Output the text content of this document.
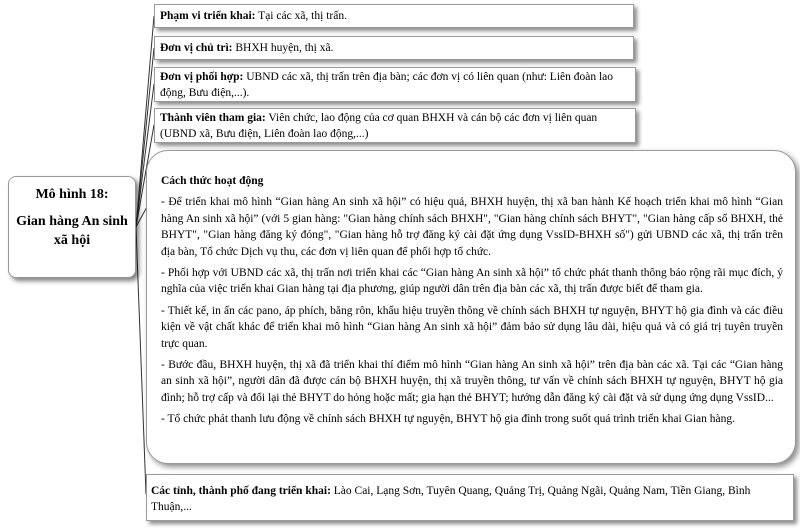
Mô hình 18:
Gian hàng An sinh xã hội
Phạm vi triển khai: Tại các xã, thị trấn.
Đơn vị chủ trì: BHXH huyện, thị xã.
Đơn vị phối hợp: UBND các xã, thị trấn trên địa bàn; các đơn vị có liên quan (như: Liên đoàn lao động, Bưu điện,...).
Thành viên tham gia: Viên chức, lao động của cơ quan BHXH và cán bộ các đơn vị liên quan (UBND xã, Bưu điện, Liên đoàn lao động,...)
Cách thức hoạt động

- Để triển khai mô hình “Gian hàng An sinh xã hội” có hiệu quả, BHXH huyện, thị xã ban hành Kế hoạch triển khai mô hình “Gian hàng An sinh xã hội” (với 5 gian hàng: "Gian hàng chính sách BHXH", "Gian hàng chính sách BHYT", "Gian hàng cấp sổ BHXH, thẻ BHYT", "Gian hàng đăng ký đóng", "Gian hàng hỗ trợ đăng ký cài đặt ứng dụng VssID-BHXH số") gửi UBND các xã, thị trấn trên địa bàn, Tổ chức Dịch vụ thu, các đơn vị liên quan để phối hợp tổ chức.

- Phối hợp với UBND các xã, thị trấn nơi triển khai các “Gian hàng An sinh xã hội” tổ chức phát thanh thông báo rộng rãi mục đích, ý nghĩa của việc triển khai Gian hàng tại địa phương, giúp người dân trên địa bàn các xã, thị trấn được biết để tham gia.

- Thiết kế, in ấn các pano, áp phích, băng rôn, khẩu hiệu truyền thông về chính sách BHXH tự nguyện, BHYT hộ gia đình và các điều kiện về vật chất khác để triển khai mô hình “Gian hàng An sinh xã hội” đảm bảo sử dụng lâu dài, hiệu quả và có giá trị tuyên truyền trực quan.

- Bước đầu, BHXH huyện, thị xã đã triển khai thí điểm mô hình “Gian hàng An sinh xã hội” trên địa bàn các xã. Tại các “Gian hàng an sinh xã hội”, người dân đã được cán bộ BHXH huyện, thị xã truyền thông, tư vấn về chính sách BHXH tự nguyện, BHYT hộ gia đình; hỗ trợ cấp và đổi lại thẻ BHYT do hỏng hoặc mất; gia hạn thẻ BHYT; hướng dẫn đăng ký cài đặt và sử dụng ứng dụng VssID...

- Tổ chức phát thanh lưu động về chính sách BHXH tự nguyện, BHYT hộ gia đình trong suốt quá trình triển khai Gian hàng.

Các tỉnh, thành phố đang triển khai: Lào Cai, Lạng Sơn, Tuyên Quang, Quảng Trị, Quảng Ngãi, Quảng Nam, Tiền Giang, Bình Thuận,...
